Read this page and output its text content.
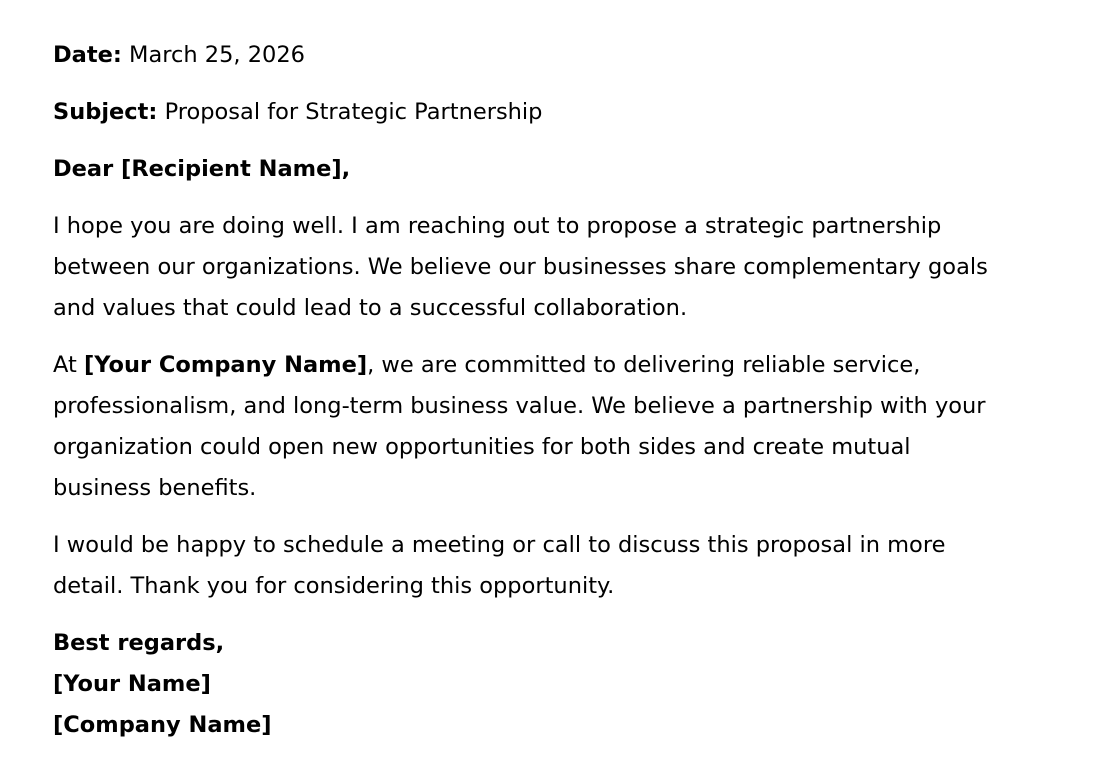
Date: March 25, 2026

Subject: Proposal for Strategic Partnership

Dear [Recipient Name],

I hope you are doing well. I am reaching out to propose a strategic partnership

between our organizations. We believe our businesses share complementary goals

and values that could lead to a successful collaboration.

At [Your Company Name], we are committed to delivering reliable service,

professionalism, and long-term business value. We believe a partnership with your

organization could open new opportunities for both sides and create mutual

business benefits.

I would be happy to schedule a meeting or call to discuss this proposal in more

detail. Thank you for considering this opportunity.

Best regards,

[Your Name]

[Company Name]
